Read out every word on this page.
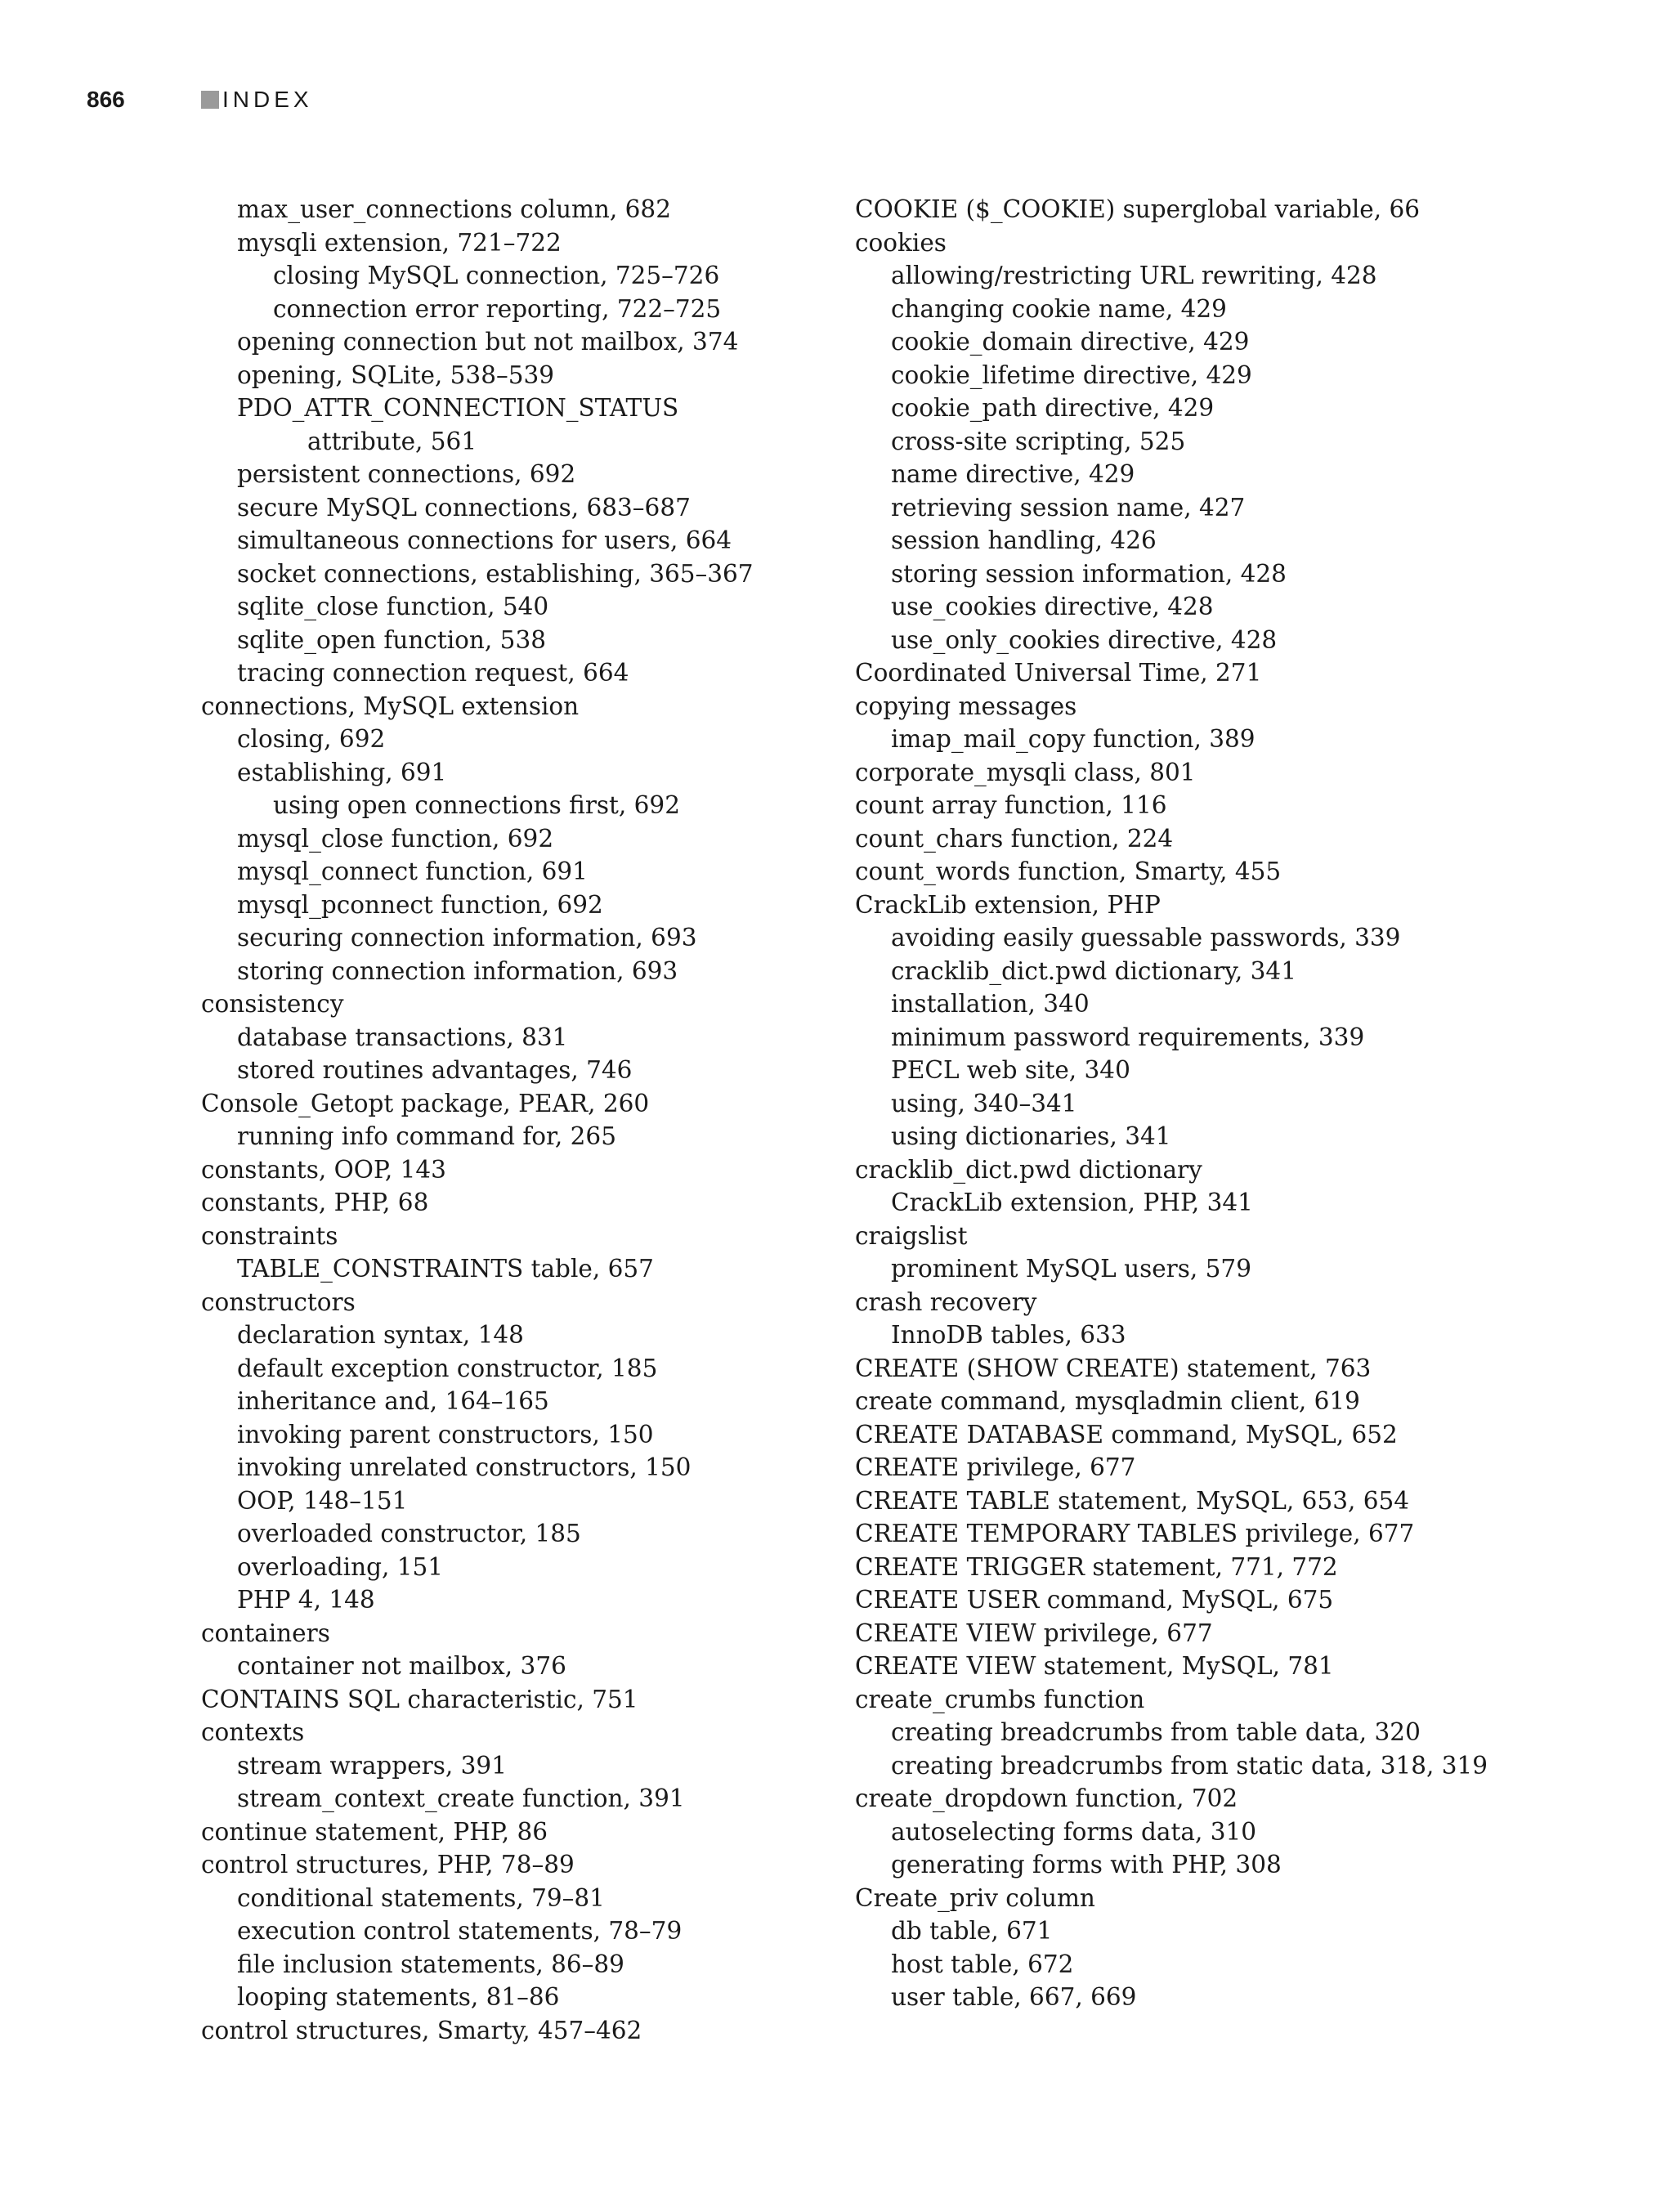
866	INDEX
max_user_connections column, 682
mysqli extension, 721–722
closing MySQL connection, 725–726
connection error reporting, 722–725
opening connection but not mailbox, 374
opening, SQLite, 538–539
PDO_ATTR_CONNECTION_STATUS
attribute, 561
persistent connections, 692
secure MySQL connections, 683–687
simultaneous connections for users, 664
socket connections, establishing, 365–367
sqlite_close function, 540
sqlite_open function, 538
tracing connection request, 664
connections, MySQL extension
closing, 692
establishing, 691
using open connections first, 692
mysql_close function, 692
mysql_connect function, 691
mysql_pconnect function, 692
securing connection information, 693
storing connection information, 693
consistency
database transactions, 831
stored routines advantages, 746
Console_Getopt package, PEAR, 260
running info command for, 265
constants, OOP, 143
constants, PHP, 68
constraints
TABLE_CONSTRAINTS table, 657
constructors
declaration syntax, 148
default exception constructor, 185
inheritance and, 164–165
invoking parent constructors, 150
invoking unrelated constructors, 150
OOP, 148–151
overloaded constructor, 185
overloading, 151
PHP 4, 148
containers
container not mailbox, 376
CONTAINS SQL characteristic, 751
contexts
stream wrappers, 391
stream_context_create function, 391
continue statement, PHP, 86
control structures, PHP, 78–89
conditional statements, 79–81
execution control statements, 78–79
file inclusion statements, 86–89
looping statements, 81–86
control structures, Smarty, 457–462
COOKIE ($_COOKIE) superglobal variable, 66
cookies
allowing/restricting URL rewriting, 428
changing cookie name, 429
cookie_domain directive, 429
cookie_lifetime directive, 429
cookie_path directive, 429
cross-site scripting, 525
name directive, 429
retrieving session name, 427
session handling, 426
storing session information, 428
use_cookies directive, 428
use_only_cookies directive, 428
Coordinated Universal Time, 271
copying messages
imap_mail_copy function, 389
corporate_mysqli class, 801
count array function, 116
count_chars function, 224
count_words function, Smarty, 455
CrackLib extension, PHP
avoiding easily guessable passwords, 339
cracklib_dict.pwd dictionary, 341
installation, 340
minimum password requirements, 339
PECL web site, 340
using, 340–341
using dictionaries, 341
cracklib_dict.pwd dictionary
CrackLib extension, PHP, 341
craigslist
prominent MySQL users, 579
crash recovery
InnoDB tables, 633
CREATE (SHOW CREATE) statement, 763
create command, mysqladmin client, 619
CREATE DATABASE command, MySQL, 652
CREATE privilege, 677
CREATE TABLE statement, MySQL, 653, 654
CREATE TEMPORARY TABLES privilege, 677
CREATE TRIGGER statement, 771, 772
CREATE USER command, MySQL, 675
CREATE VIEW privilege, 677
CREATE VIEW statement, MySQL, 781
create_crumbs function
creating breadcrumbs from table data, 320
creating breadcrumbs from static data, 318, 319
create_dropdown function, 702
autoselecting forms data, 310
generating forms with PHP, 308
Create_priv column
db table, 671
host table, 672
user table, 667, 669
